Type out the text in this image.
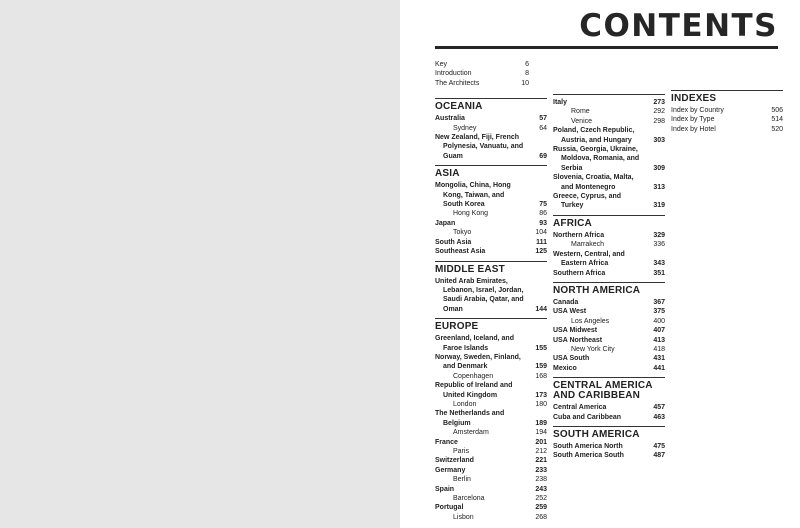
CONTENTS
Key	6
Introduction	8
The Architects	10
OCEANIA
Australia	57
Sydney	64
New Zealand, Fiji, French Polynesia, Vanuatu, and Guam	69
ASIA
Mongolia, China, Hong Kong, Taiwan, and South Korea	75
Hong Kong	86
Japan	93
Tokyo	104
South Asia	111
Southeast Asia	125
MIDDLE EAST
United Arab Emirates, Lebanon, Israel, Jordan, Saudi Arabia, Qatar, and Oman	144
EUROPE
Greenland, Iceland, and Faroe Islands	155
Norway, Sweden, Finland, and Denmark	159
Copenhagen	168
Republic of Ireland and United Kingdom	173
London	180
The Netherlands and Belgium	189
Amsterdam	194
France	201
Paris	212
Switzerland	221
Germany	233
Berlin	238
Spain	243
Barcelona	252
Portugal	259
Lisbon	268
Italy	273
Rome	292
Venice	298
Poland, Czech Republic, Austria, and Hungary	303
Russia, Georgia, Ukraine, Moldova, Romania, and Serbia	309
Slovenia, Croatia, Malta, and Montenegro	313
Greece, Cyprus, and Turkey	319
AFRICA
Northern Africa	329
Marrakech	336
Western, Central, and Eastern Africa	343
Southern Africa	351
NORTH AMERICA
Canada	367
USA West	375
Los Angeles	400
USA Midwest	407
USA Northeast	413
New York City	418
USA South	431
Mexico	441
CENTRAL AMERICA AND CARIBBEAN
Central America	457
Cuba and Caribbean	463
SOUTH AMERICA
South America North	475
South America South	487
INDEXES
Index by Country	506
Index by Type	514
Index by Hotel	520
